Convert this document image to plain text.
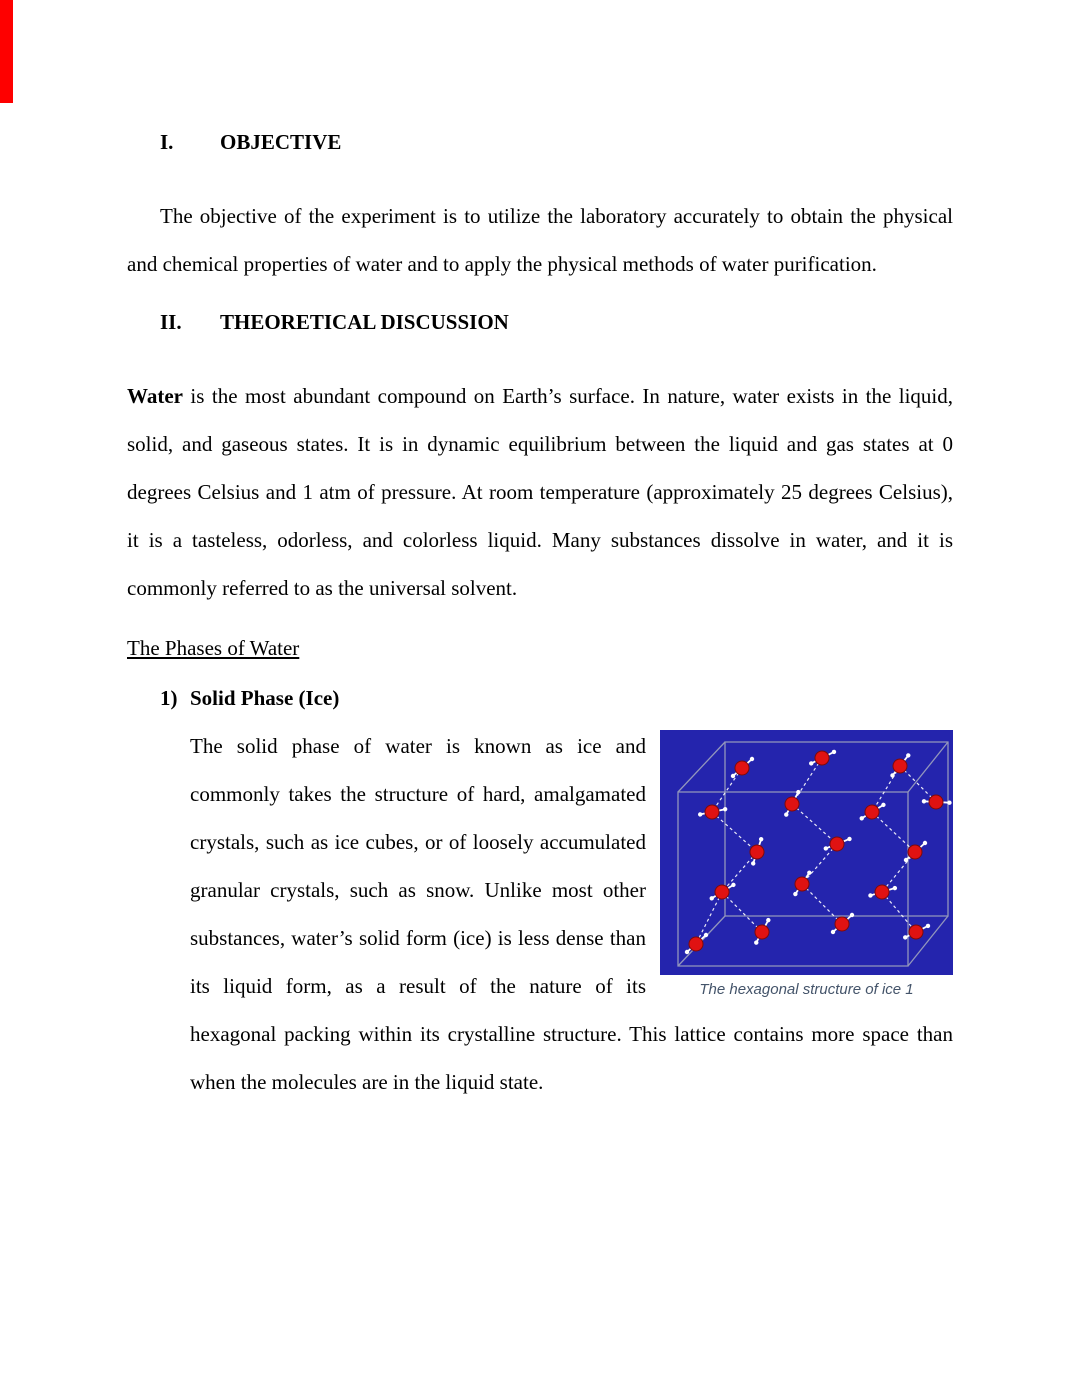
I. OBJECTIVE

The objective of the experiment is to utilize the laboratory accurately to obtain the physical and chemical properties of water and to apply the physical methods of water purification.

II. THEORETICAL DISCUSSION

Water is the most abundant compound on Earth’s surface. In nature, water exists in the liquid, solid, and gaseous states. It is in dynamic equilibrium between the liquid and gas states at 0 degrees Celsius and 1 atm of pressure. At room temperature (approximately 25 degrees Celsius), it is a tasteless, odorless, and colorless liquid. Many substances dissolve in water, and it is commonly referred to as the universal solvent.

The Phases of Water
1) Solid Phase (Ice)
The hexagonal structure of ice 1
The solid phase of water is known as ice and commonly takes the structure of hard, amalgamated crystals, such as ice cubes, or of loosely accumulated granular crystals, such as snow. Unlike most other substances, water’s solid form (ice) is less dense than its liquid form, as a result of the nature of its hexagonal packing within its crystalline structure. This lattice contains more space than when the molecules are in the liquid state.
